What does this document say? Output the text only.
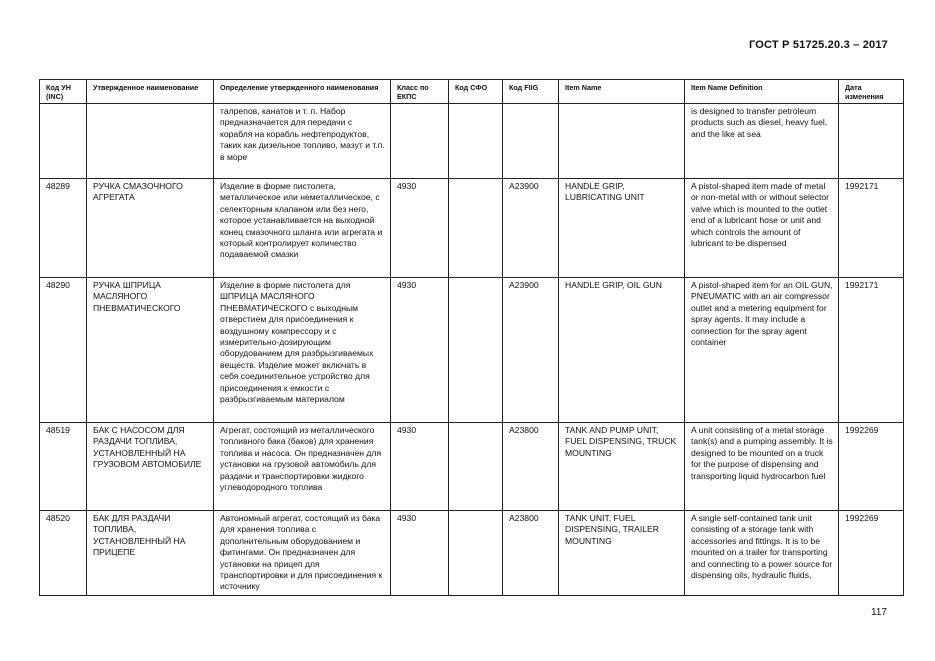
ГОСТ Р 51725.20.3 – 2017
Код УН (INC)	Утвержденное наименование	Определение утвержденного наименования	Класс по ЕКПС	Код СФО	Код FIIG	Item Name	Item Name Definition	Дата изменения
		талрепов, канатов и т. п. Набор предназначается для передачи с корабля на корабль нефтепродуктов, таких как дизельное топливо, мазут и т.п. в море					is designed to transfer petroleum products such as diesel, heavy fuel, and the like at sea	
48289	РУЧКА СМАЗОЧНОГО АГРЕГАТА	Изделие в форме пистолета, металлическое или неметаллическое, с селекторным клапаном или без него, которое устанавливается на выходной конец смазочного шланга или агрегата и который контролирует количество подаваемой смазки	4930		A23900	HANDLE GRIP, LUBRICATING UNIT	A pistol-shaped item made of metal or non-metal with or without selector valve which is mounted to the outlet end of a lubricant hose or unit and which controls the amount of lubricant to be dispensed	1992171
48290	РУЧКА ШПРИЦА МАСЛЯНОГО ПНЕВМАТИЧЕСКОГО	Изделие в форме пистолета для ШПРИЦА МАСЛЯНОГО ПНЕВМАТИЧЕСКОГО с выходным отверстием для присоединения к воздушному компрессору и с измерительно-дозирующим оборудованием для разбрызгиваемых веществ. Изделие может включать в себя соединительное устройство для присоединения к емкости с разбрызгиваемым материалом	4930		A23900	HANDLE GRIP, OIL GUN	A pistol-shaped item for an OIL GUN, PNEUMATIC with an air compressor outlet and a metering equipment for spray agents. It may include a connection for the spray agent container	1992171
48519	БАК С НАСОСОМ ДЛЯ РАЗДАЧИ ТОПЛИВА, УСТАНОВЛЕННЫЙ НА ГРУЗОВОМ АВТОМОБИЛЕ	Агрегат, состоящий из металлического топливного бака (баков) для хранения топлива и насоса. Он предназначен для установки на грузовой автомобиль для раздачи и транспортировки жидкого углеводородного топлива	4930		A23800	TANK AND PUMP UNIT, FUEL DISPENSING, TRUCK MOUNTING	A unit consisting of a metal storage tank(s) and a pumping assembly. It is designed to be mounted on a truck for the purpose of dispensing and transporting liquid hydrocarbon fuel	1992269
48520	БАК ДЛЯ РАЗДАЧИ ТОПЛИВА, УСТАНОВЛЕННЫЙ НА ПРИЦЕПЕ	Автономный агрегат, состоящий из бака для хранения топлива с дополнительным оборудованием и фитингами. Он предназначен для установки на прицеп для транспортировки и для присоединения к источнику	4930		A23800	TANK UNIT, FUEL DISPENSING, TRAILER MOUNTING	A single self-contained tank unit consisting of a storage tank with accessories and fittings. It is to be mounted on a trailer for transporting and connecting to a power source for dispensing oils, hydraulic fluids,	1992269
117
